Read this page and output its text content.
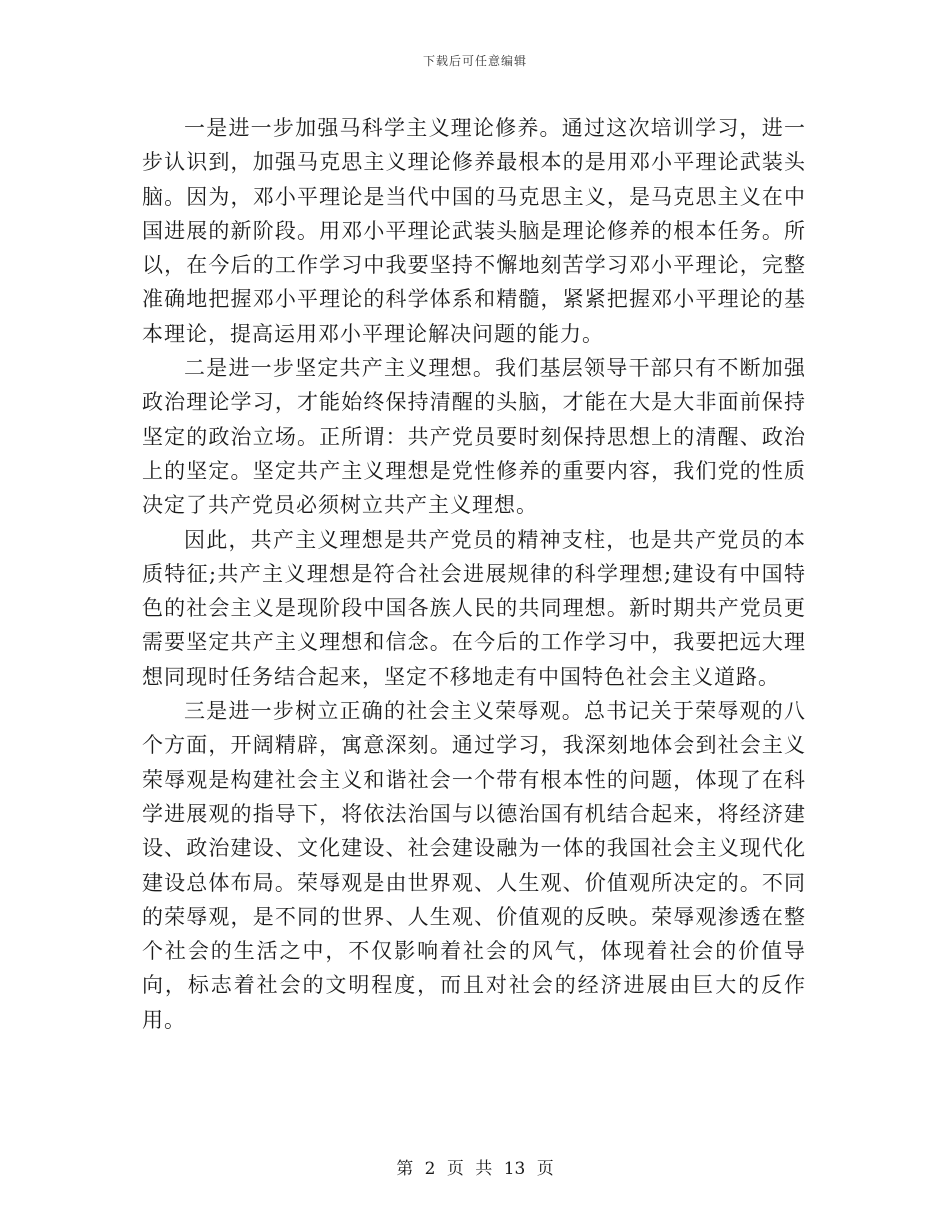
下载后可任意编辑

一是进一步加强马科学主义理论修养。通过这次培训学习，进一步认识到，加强马克思主义理论修养最根本的是用邓小平理论武装头脑。因为，邓小平理论是当代中国的马克思主义，是马克思主义在中国进展的新阶段。用邓小平理论武装头脑是理论修养的根本任务。所以，在今后的工作学习中我要坚持不懈地刻苦学习邓小平理论，完整准确地把握邓小平理论的科学体系和精髓，紧紧把握邓小平理论的基本理论，提高运用邓小平理论解决问题的能力。

二是进一步坚定共产主义理想。我们基层领导干部只有不断加强政治理论学习，才能始终保持清醒的头脑，才能在大是大非面前保持坚定的政治立场。正所谓：共产党员要时刻保持思想上的清醒、政治上的坚定。坚定共产主义理想是党性修养的重要内容，我们党的性质决定了共产党员必须树立共产主义理想。

因此，共产主义理想是共产党员的精神支柱，也是共产党员的本质特征;共产主义理想是符合社会进展规律的科学理想;建设有中国特色的社会主义是现阶段中国各族人民的共同理想。新时期共产党员更需要坚定共产主义理想和信念。在今后的工作学习中，我要把远大理想同现时任务结合起来，坚定不移地走有中国特色社会主义道路。

三是进一步树立正确的社会主义荣辱观。总书记关于荣辱观的八个方面，开阔精辟，寓意深刻。通过学习，我深刻地体会到社会主义荣辱观是构建社会主义和谐社会一个带有根本性的问题，体现了在科学进展观的指导下，将依法治国与以德治国有机结合起来，将经济建设、政治建设、文化建设、社会建设融为一体的我国社会主义现代化建设总体布局。荣辱观是由世界观、人生观、价值观所决定的。不同的荣辱观，是不同的世界、人生观、价值观的反映。荣辱观渗透在整个社会的生活之中，不仅影响着社会的风气，体现着社会的价值导向，标志着社会的文明程度，而且对社会的经济进展由巨大的反作用。

第 2 页 共 13 页
